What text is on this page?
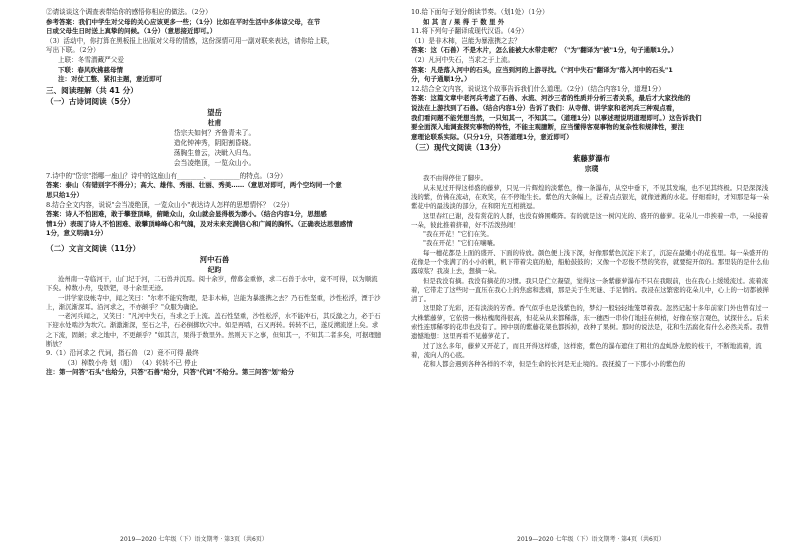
②请谈谈这个调查表带给你的感悟你相应的做法。（2分）
参考答案：我们中学生对父母的关心应该更多一些；（1分）比如在平时生活中多体谅父母，在节
日或父母生日时送上真挚的问候。（1分）（意思接近即可。）
（3）活动中，你打算在黑板报上出版对父母的情感，这份深情可用一副对联来表达，请你给上联，
写出下联。（2分）
上联：冬雪潜藏严父爱
下联：春风吹拂慈母情
注：对仗工整、紧扣主题，意近即可
三、阅读理解（共 41 分）
（一）古诗词阅读（5分）
望岳
杜甫
岱宗夫如何？齐鲁青未了。
造化钟神秀，阴阳割昏晓。
荡胸生曾云，决眦入归鸟。
会当凌绝顶，一览众山小。
7.诗中的"岱宗"指哪一座山？诗中的这座山有________、_________的特点。（3分）
答案：泰山（有错别字不得分）；高大、雄伟、秀丽、壮丽、秀美……（意思对即可，两个空均同一个意
思只给1分）
8.结合全文内容，说说"会当凌绝顶，一览众山小"表达诗人怎样的思想情怀？（2分）
答案：诗人不怕困难，敢于攀登顶峰，俯瞰众山，众山就会显得极为渺小。（结合内容1分，思想感
情1分）表现了诗人不怕困难、敢攀顶峰峰心和气魄，及对未来充满信心和广阔的胸怀。（正确表达思想感情
1分，意义明确1分）
（二）文言文阅读（11分）
河中石兽
纪昀

沧州南一寺临河干，山门圮于河，二石兽并沉焉。阅十余岁，僧募金重修，求二石兽于水中，竟不可得，以为顺流下矣。棹数小舟，曳铁钯，寻十余里无迹。

一讲学家设帐寺中，闻之笑曰："尔辈不能究物理，是非木柿，岂能为暴涨携之去？乃石性坚重，沙性松浮，湮于沙上，渐沉渐深耳。沿河求之，不亦颠乎？"众服为确论。

一老河兵闻之，又笑曰："凡河中失石，当求之于上流。盖石性坚重，沙性松浮，水不能冲石，其反激之力，必于石下迎水处啮沙为坎穴。渐激渐深，至石之半，石必倒掷坎穴中。如是再啮，石又再转。转转不已，遂反溯流逆上矣。求之下流，固颠；求之地中，不更颠乎？"如其言，果得于数里外。然则天下之事，但知其一，不知其二者多矣，可据理臆断欤？

9.（1）沿河求之 代词，指石兽 （2）竟不可得 最终
（3）棹数小舟 划（船） （4）转转不已 停止
注：第一问答"石头"也给分，只答"石兽"给分，只答"代词"不给分。第三问答"划"给分
10.给下面句子划分朗读节奏。（划1处）（1分）
如 其 言 / 果 得 于 数 里 外
11.将下列句子翻译成现代汉语。（4分）
（1）是非木柿，岂能为暴涨携之去？
答案：这（石兽）不是木片，怎么能被大水带走呢？（"为"翻译为"被"1分，句子通顺1分。）
（2）凡河中失石，当求之于上流。
答案：凡是落入河中的石头，应当到河的上游寻找。（"河中失石"翻译为"落入河中的石头"1
分，句子通顺1分。）
12.结合全文内容，说说这个故事告诉我们什么道理。（2分）（结合内容1分，道理1分）
答案：这篇文章中老河兵考虑了石兽、水流、河沙三者的性质并分析三者关系，最后才大家找他的
说法在上游找到了石兽。（结合内容1分）告诉了我们：从寺僧、讲学家和老河兵三种观点看，
我们看问题不能凭想当然，一只知其一，不知其二。（道理1分）以事述理说明道理即可。）这告诉我们
要全面深入地调查探究事物的特性，不能主观臆断，应当懂得客观事物的复杂性和规律性，要注
意理论联系实际。（只分1分，只答道理1分，意近即可）
（三）现代文阅读（13分）
紫藤萝瀑布
宗璞

我不由得停住了脚步。

从未见过开得这样盛的藤萝，只见一片辉煌的淡紫色，像一条瀑布，从空中垂下，不见其发端，也不见其终极。只是深深浅浅的紫，仿佛在流动，在欢笑，在不停地生长。紫色的大条幅上，泛着点点银光，就像迸溅的水花。仔细看时，才知那是每一朵紫花中的最浅淡的部分，在和阳光互相挑逗。

这里春红已谢，没有赏花的人群，也没有蜂围蝶阵。有的就是这一树闪光的、盛开的藤萝。花朵儿一串挨着一串，一朵接着一朵，彼此推着挤着，好不活泼热闹！

"我在开花！"它们在笑。

"我在开花！"它们在嚷嚷。

每一穗花都是上面的盛开、下面的待放。颜色便上浅下深，好像那紫色沉淀下来了，沉淀在最嫩小的花苞里。每一朵盛开的花像是一个张满了的小小的帆，帆下带着尖底的舱，船舱鼓鼓的；又像一个忍俊不禁的笑容，就要绽开似的。那里装的是什么仙露琼浆？我凑上去，想摘一朵。

但是我没有摘。我没有摘花的习惯。我只是伫立凝望，觉得这一条紫藤萝瀑布不只在我眼前，也在我心上缓缓流过。流着流着，它带走了这些时一直压在我心上的焦虑和悲痛，那是关于生死谜、手足情的。我浸在这繁密的花朵儿中，心上的一切都被掸清了。

这里除了光彩，还有淡淡的芳香。香气似乎也是浅紫色的，梦幻一般轻轻地笼罩着我。忽然记起十多年前家门外也曾有过一大株紫藤萝，它依傍一株枯槐爬得很高，但花朵从来都稀落，东一穗西一串伶仃地挂在树梢，好像在察言观色，试探什么。后来索性连那稀零的花串也没有了。园中别的紫藤花架也都拆掉，改种了果树。那时的说法是，花和生活腐化有什么必然关系。我曾遗憾地想：这里再看不见藤萝花了。

过了这么多年，藤萝又开花了，而且开得这样盛，这样密，紫色的瀑布遮住了粗壮的盘虬卧龙般的枝干，不断地流着，流着，流向人的心底。

花和人都会遇到各种各样的不幸，但是生命的长河是无止境的。我抚摸了一下那小小的紫色的

2019—2020 七年级（下）语文期考 · 第3页（共6页）	2019—2020 七年级（下）语文期考 · 第4页（共6页）
